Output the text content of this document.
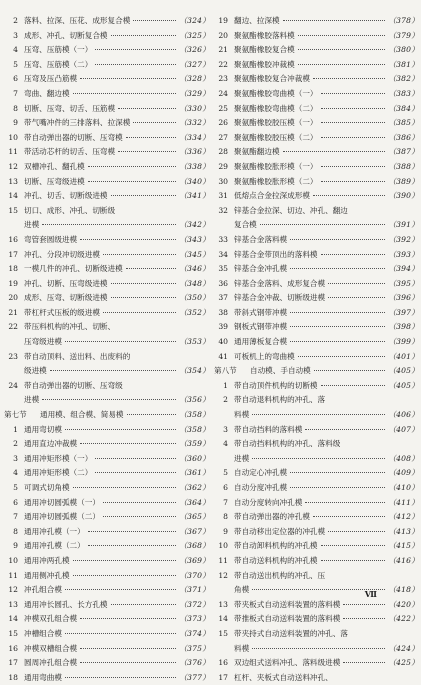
2 落料、拉深、压花、成形复合模	（324）
3 成形、冲孔、切断复合模	（325）
4 压弯、压筋模（一）	（326）
5 压弯、压筋模（二）	（327）
6 压弯及压凸筋模	（328）
7 弯曲、翻边模	（329）
8 切断、压弯、切舌、压筋模	（330）
9 带气嘴冲件的三排落料、拉深模	（332）
10 带自动弹出器的切断、压弯模	（334）
11 带活动芯杆的切舌、压弯模	（336）
12 双槽冲孔、翻孔模	（338）
13 切断、压弯级进模	（340）
14 冲孔、切舌、切断级进模	（341）
15 切口、成形、冲孔、切断级
进模	（342）
16 弯管套圆级进模	（343）
17 冲孔、分段冲切级进模	（345）
18 一模几件的冲孔、切断级进模	（346）
19 冲孔、切断、压弯级进模	（348）
20 成形、压弯、切断级进模	（350）
21 带杠杆式压板的级进模	（352）
22 带压料机构的冲孔、切断、
压弯级进模	（353）
23 带自动顶料、送出料、出废料的
级进模	（354）
24 带自动弹出器的切断、压弯级
进模	（356）
第七节	通用模、组合模、简易模	（358）
1 通用弯切模	（358）
2 通用直边冲裁模	（359）
3 通用冲矩形模（一）	（360）
4 通用冲矩形模（二）	（361）
5 可调式切角模	（362）
6 通用冲切圆弧模（一）	（364）
7 通用冲切圆弧模（二）	（365）
8 通用冲孔模（一）	（367）
9 通用冲孔模（二）	（368）
10 通用冲两孔模	（369）
11 通用侧冲孔模	（370）
12 冲孔组合模	（371）
13 通用冲长圆孔、长方孔模	（372）
14 冲模双孔组合模	（373）
15 冲槽组合模	（374）
16 冲模双槽组合模	（375）
17 圆周冲孔组合模	（376）
18 通用弯曲模	（377）
19 翻边、拉深模	（378）
20 聚氨酯橡胶落料模	（379）
21 聚氨酯橡胶复合模	（380）
22 聚氨酯橡胶冲裁模	（381）
23 聚氨酯橡胶复合冲裁模	（382）
24 聚氨酯橡胶弯曲模（一）	（383）
25 聚氨酯橡胶弯曲模（二）	（384）
26 聚氨酯橡胶胶压模（一）	（385）
27 聚氨酯橡胶胶压模（二）	（386）
28 聚氨酯翻边模	（387）
29 聚氨酯橡胶胀形模（一）	（388）
30 聚氨酯橡胶胀形模（二）	（389）
31 低熔点合金拉深成形模	（390）
32 锌基合金拉深、切边、冲孔、翻边
复合模	（391）
33 锌基合金落料模	（392）
34 锌基合金带顶出的落料模	（393）
35 锌基合金冲孔模	（394）
36 锌基合金落料、成形复合模	（395）
37 锌基合金冲裁、切断级进模	（396）
38 带斜式钢带冲模	（397）
39 钢板式钢带冲模	（398）
40 通用薄板复合模	（399）
41 可板机上的弯曲模	（401）
第八节	自动模、手自动模	（405）
1 带自动顶件机构的切断模	（405）
2 带自动退料机构的冲孔、落
料模	（406）
3 带自动挡料的落料模	（407）
4 带自动挡料机构的冲孔、落料级
进模	（408）
5 自动定心冲孔模	（409）
6 自动分度冲孔模	（410）
7 自动分度转向冲孔模	（411）
8 带自动弹出器的冲孔模	（412）
9 带自动移出定位器的冲孔模	（413）
10 带自动卸料机构的冲孔模	（415）
11 带自动送料机构的冲孔模	（416）
12 带自动送出机构的冲孔、压
角模	（418）
13 带夹板式自动送料装置的落料模	（420）
14 带推板式自动送料装置的落料模	（422）
15 带夹持式自动送料装置的冲孔、落
料模	（424）
16 双边组式送料冲孔、落料级进模	（425）
17 杠杆、夹板式自动送料冲孔、
Ⅶ
